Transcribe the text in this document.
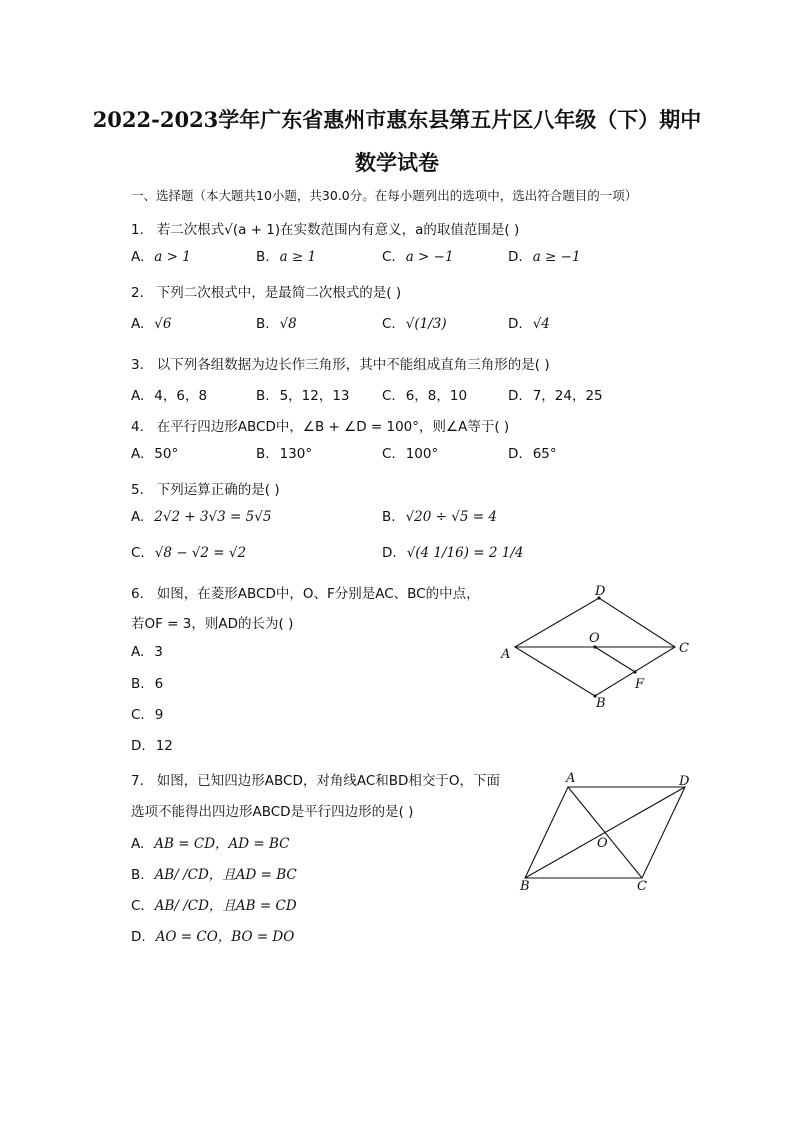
2022-2023学年广东省惠州市惠东县第五片区八年级（下）期中
数学试卷
一、选择题（本大题共10小题，共30.0分。在每小题列出的选项中，选出符合题目的一项）
1. 若二次根式√(a + 1)在实数范围内有意义，a的取值范围是( )
A. a > 1	B. a ≥ 1	C. a > −1	D. a ≥ −1
2. 下列二次根式中，是最简二次根式的是( )
A. √6	B. √8	C. √(1/3)	D. √4
3. 以下列各组数据为边长作三角形，其中不能组成直角三角形的是( )
A. 4，6，8	B. 5，12，13 C. 6，8，10	D. 7，24，25
4. 在平行四边形ABCD中，∠B + ∠D = 100°，则∠A等于( )
A. 50°	B. 130°	C. 100°	D. 65°
5. 下列运算正确的是( )
A. 2√2 + 3√3 = 5√5	B. √20 ÷ √5 = 4
C. √8 − √2 = √2	D. √(4 1/16) = 2 1/4
6. 如图，在菱形ABCD中，O、F分别是AC、BC的中点，
若OF = 3，则AD的长为( )
A. 3
B. 6
C. 9
D. 12
D
A
O
C
F
B
7. 如图，已知四边形ABCD，对角线AC和BD相交于O，下面
选项不能得出四边形ABCD是平行四边形的是( )
A. AB = CD，AD = BC
B. AB/ /CD，且AD = BC
C. AB/ /CD，且AB = CD
D. AO = CO，BO = DO
A	D
O
B	C
